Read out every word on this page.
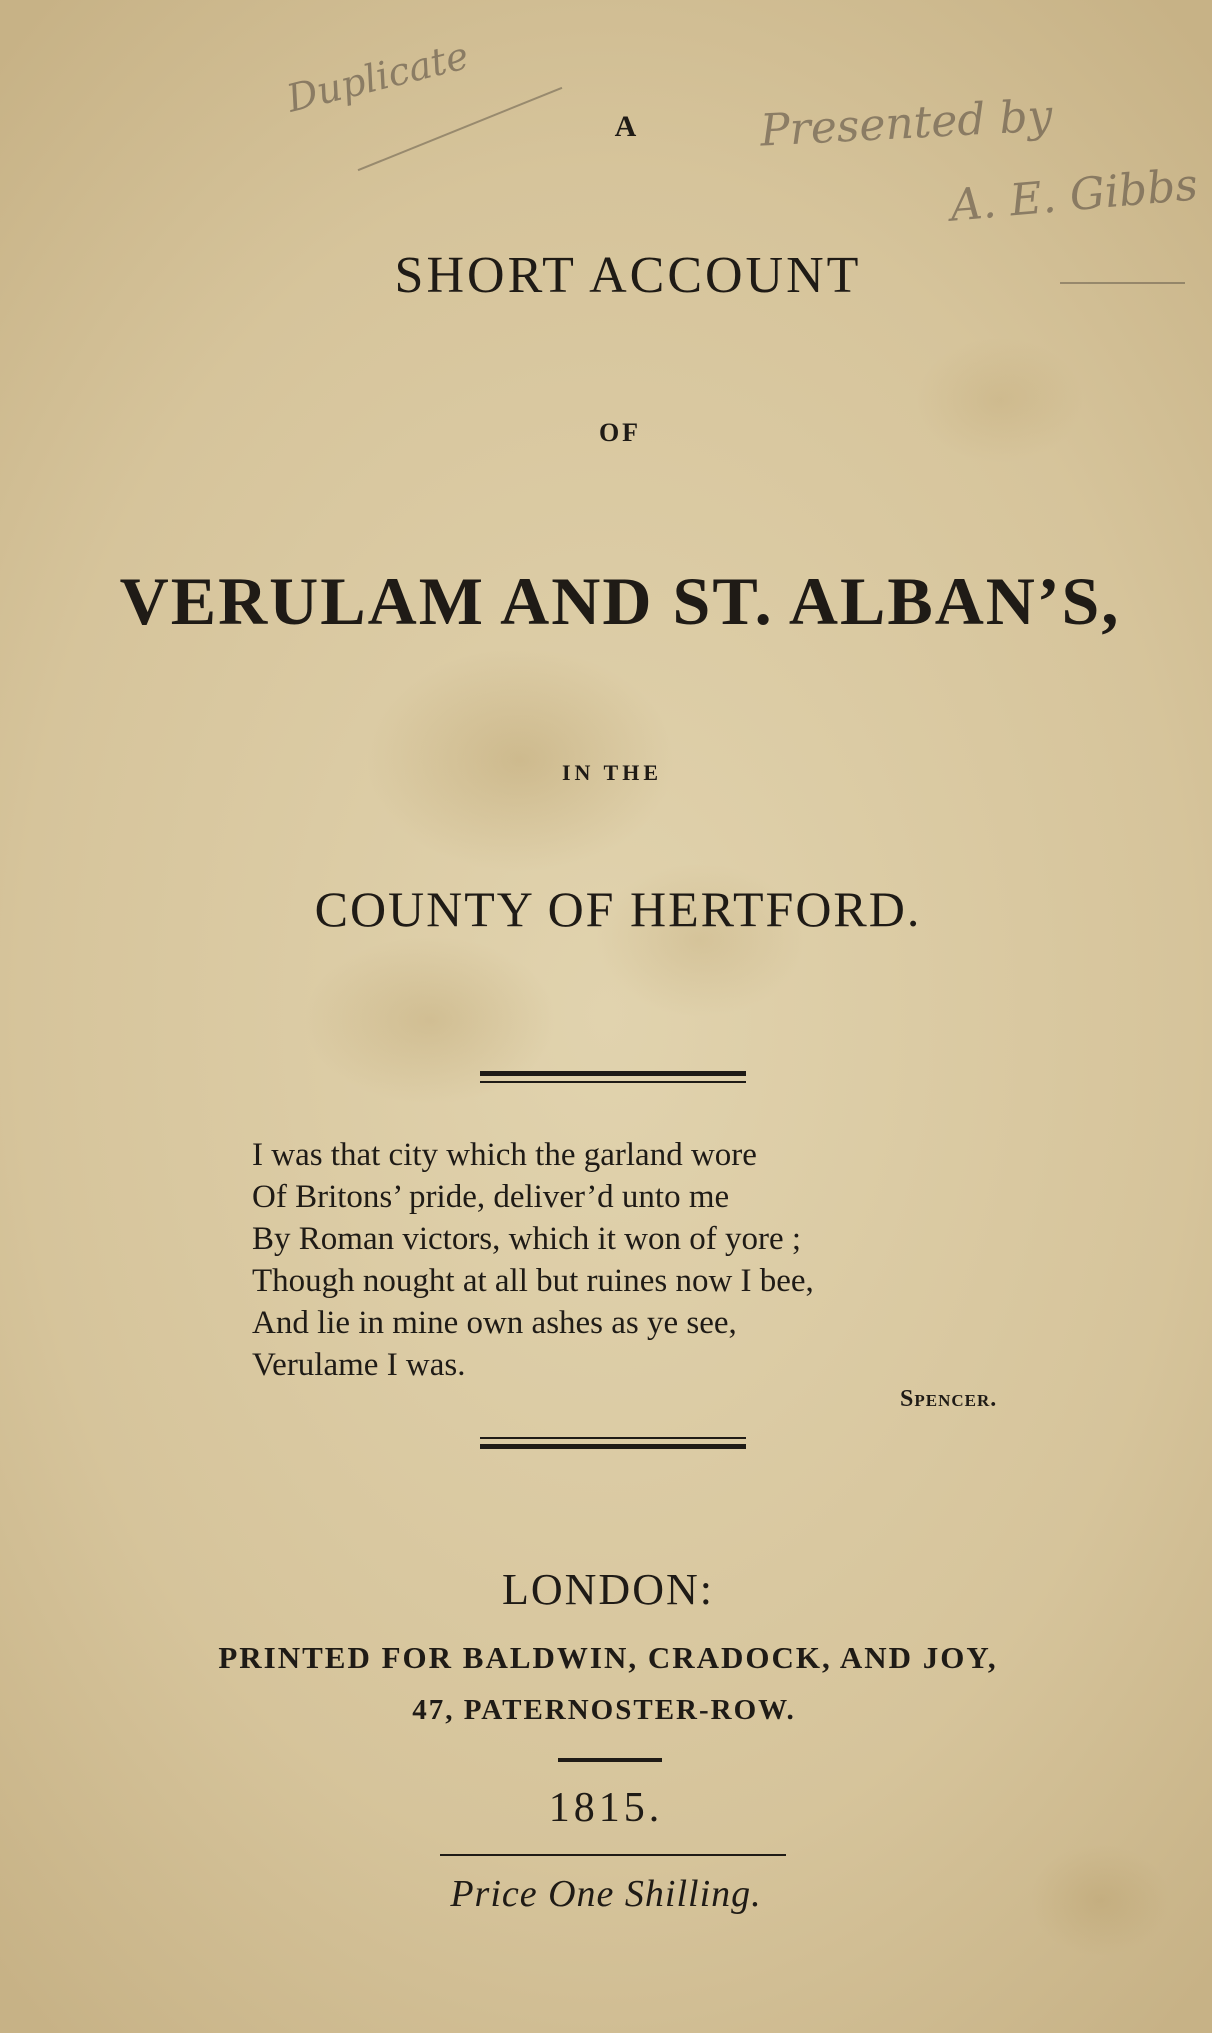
Duplicate
Presented by
A. E. Gibbs
A
SHORT ACCOUNT
OF
VERULAM AND ST. ALBAN’S,
IN THE
COUNTY OF HERTFORD.
I was that city which the garland wore
Of Britons’ pride, deliver’d unto me
By Roman victors, which it won of yore ;
Though nought at all but ruines now I bee,
And lie in mine own ashes as ye see,
Verulame I was.
Spencer.
LONDON:
PRINTED FOR BALDWIN, CRADOCK, AND JOY,
47, PATERNOSTER-ROW.
1815.
Price One Shilling.
